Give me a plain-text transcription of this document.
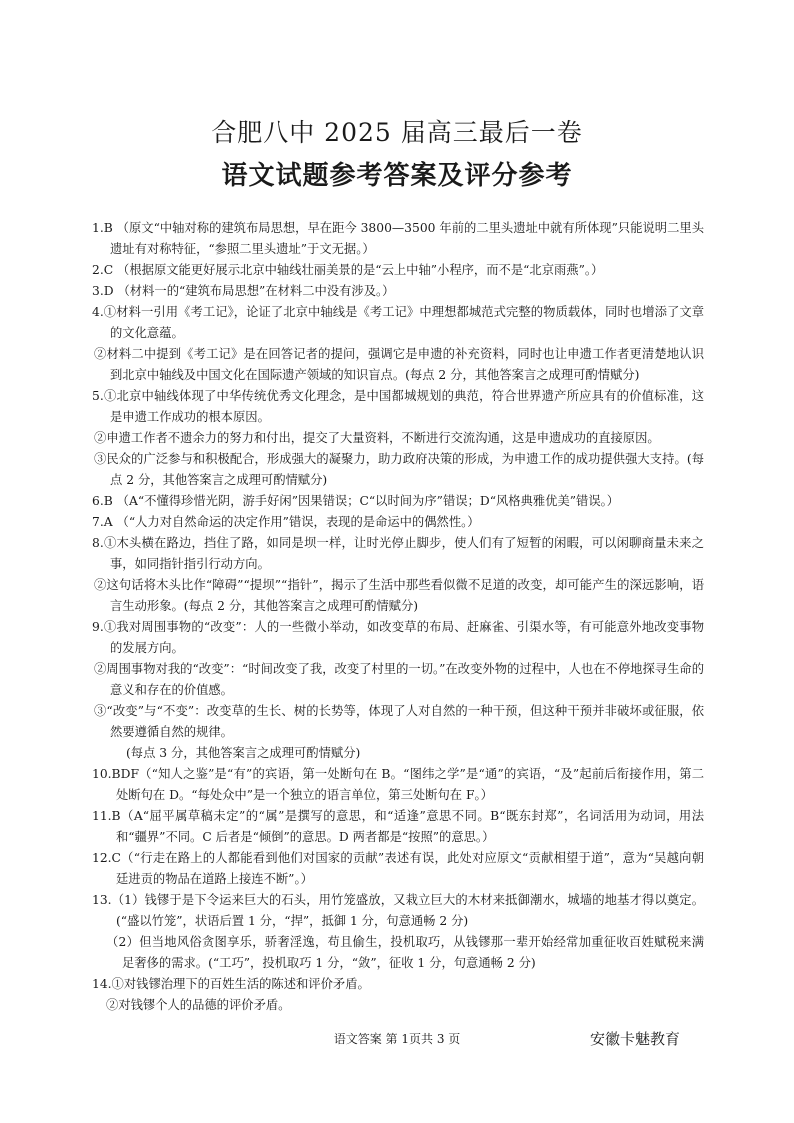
合肥八中 2025 届高三最后一卷
语文试题参考答案及评分参考
1.B （原文“中轴对称的建筑布局思想，早在距今 3800—3500 年前的二里头遗址中就有所体现”只能说明二里头遗址有对称特征，“参照二里头遗址”于文无据。）
2.C （根据原文能更好展示北京中轴线壮丽美景的是“云上中轴”小程序，而不是“北京雨燕”。）
3.D （材料一的“建筑布局思想”在材料二中没有涉及。）
4.①材料一引用《考工记》，论证了北京中轴线是《考工记》中理想都城范式完整的物质载体，同时也增添了文章的文化意蕴。
②材料二中提到《考工记》是在回答记者的提问，强调它是申遗的补充资料，同时也让申遗工作者更清楚地认识到北京中轴线及中国文化在国际遗产领域的知识盲点。(每点 2 分，其他答案言之成理可酌情赋分)
5.①北京中轴线体现了中华传统优秀文化理念，是中国都城规划的典范，符合世界遗产所应具有的价值标准，这是申遗工作成功的根本原因。
②申遗工作者不遗余力的努力和付出，提交了大量资料，不断进行交流沟通，这是申遗成功的直接原因。
③民众的广泛参与和积极配合，形成强大的凝聚力，助力政府决策的形成，为申遗工作的成功提供强大支持。(每点 2 分，其他答案言之成理可酌情赋分)
6.B （A“不懂得珍惜光阴，游手好闲”因果错误；C“以时间为序”错误；D“风格典雅优美”错误。）
7.A （“人力对自然命运的决定作用”错误，表现的是命运中的偶然性。）
8.①木头横在路边，挡住了路，如同是坝一样，让时光停止脚步，使人们有了短暂的闲暇，可以闲聊商量未来之事，如同指针指引行动方向。
②这句话将木头比作“障碍”“提坝”“指针”，揭示了生活中那些看似微不足道的改变，却可能产生的深远影响，语言生动形象。(每点 2 分，其他答案言之成理可酌情赋分)
9.①我对周围事物的“改变”：人的一些微小举动，如改变草的布局、赶麻雀、引渠水等，有可能意外地改变事物的发展方向。
②周围事物对我的“改变”：“时间改变了我，改变了村里的一切。”在改变外物的过程中，人也在不停地探寻生命的意义和存在的价值感。
③“改变”与“不变”：改变草的生长、树的长势等，体现了人对自然的一种干预，但这种干预并非破坏或征服，依然要遵循自然的规律。
(每点 3 分，其他答案言之成理可酌情赋分)
10.BDF（“知人之鉴”是“有”的宾语，第一处断句在 B。“图纬之学”是“通”的宾语，“及”起前后衔接作用，第二处断句在 D。“每处众中”是一个独立的语言单位，第三处断句在 F。）
11.B（A“屈平属草稿未定”的“属”是撰写的意思，和“适逢”意思不同。B“既东封郑”，名词活用为动词，用法和“疆界”不同。C 后者是“倾倒”的意思。D 两者都是“按照”的意思。）
12.C（“行走在路上的人都能看到他们对国家的贡献”表述有误，此处对应原文“贡献相望于道”，意为“吴越向朝廷进贡的物品在道路上接连不断”。）
13.（1）钱镠于是下令运来巨大的石头，用竹笼盛放，又栽立巨大的木材来抵御潮水，城墙的地基才得以奠定。(“盛以竹笼”，状语后置 1 分，“捍”，抵御 1 分，句意通畅 2 分)
（2）但当地风俗贪图享乐，骄奢淫逸，苟且偷生，投机取巧，从钱镠那一辈开始经常加重征收百姓赋税来满足奢侈的需求。(“工巧”，投机取巧 1 分，“敛”，征收 1 分，句意通畅 2 分)
14.①对钱镠治理下的百姓生活的陈述和评价矛盾。
②对钱镠个人的品德的评价矛盾。
语文答案 第 1页共 3 页	安徽卡魅教育
